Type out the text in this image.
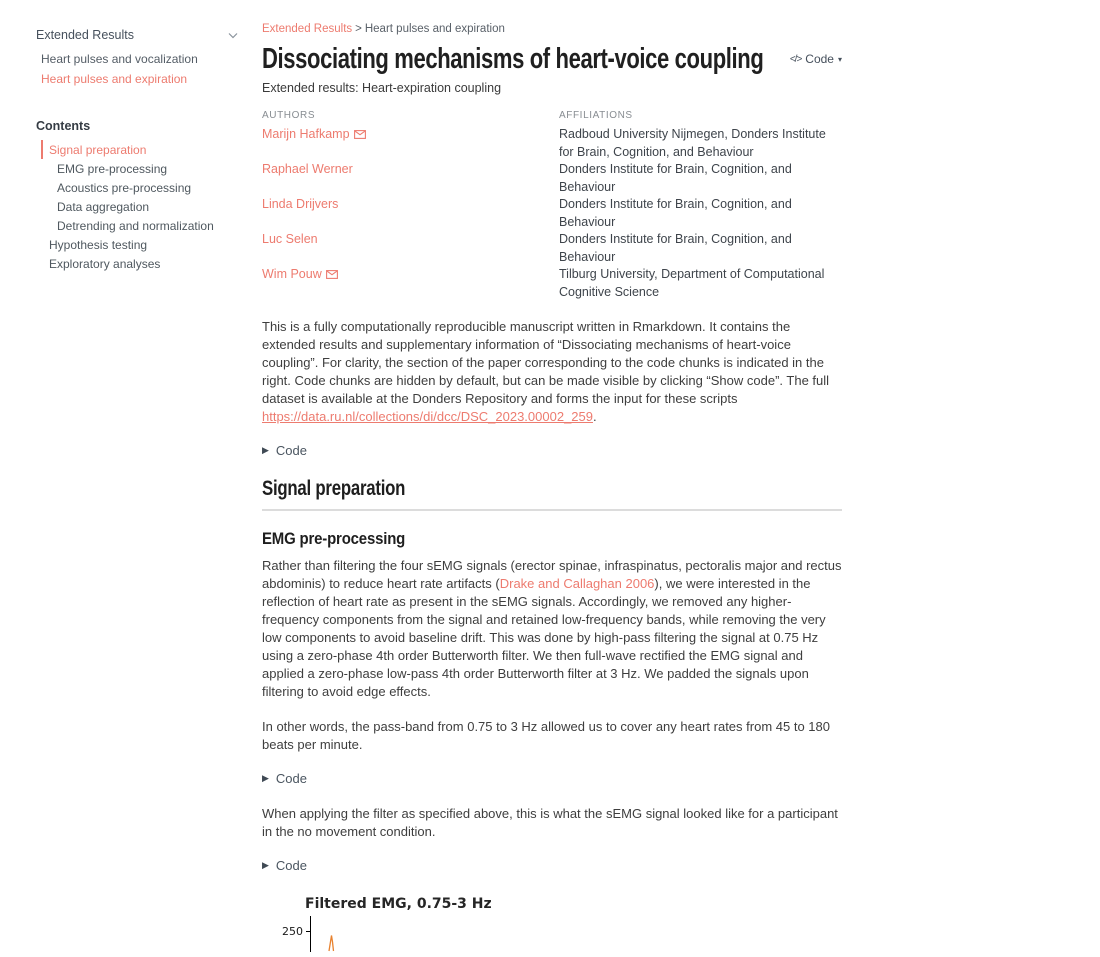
Extended Results
Heart pulses and vocalization
Heart pulses and expiration
Contents
Signal preparation
EMG pre-processing
Acoustics pre-processing
Data aggregation
Detrending and normalization
Hypothesis testing
Exploratory analyses
Extended Results > Heart pulses and expiration
Dissociating mechanisms of heart-voice coupling	</> Code ▾
Extended results: Heart-expiration coupling
AUTHORS	AFFILIATIONS
Marijn Hafkamp	Radboud University Nijmegen, Donders Institute for Brain, Cognition, and Behaviour
Raphael Werner	Donders Institute for Brain, Cognition, and Behaviour
Linda Drijvers	Donders Institute for Brain, Cognition, and Behaviour
Luc Selen	Donders Institute for Brain, Cognition, and Behaviour
Wim Pouw	Tilburg University, Department of Computational Cognitive Science

This is a fully computationally reproducible manuscript written in Rmarkdown. It contains the extended results and supplementary information of “Dissociating mechanisms of heart-voice coupling”. For clarity, the section of the paper corresponding to the code chunks is indicated in the right. Code chunks are hidden by default, but can be made visible by clicking “Show code”. The full dataset is available at the Donders Repository and forms the input for these scripts https://data.ru.nl/collections/di/dcc/DSC_2023.00002_259.

▶ Code
Signal preparation
EMG pre-processing

Rather than filtering the four sEMG signals (erector spinae, infraspinatus, pectoralis major and rectus abdominis) to reduce heart rate artifacts (Drake and Callaghan 2006), we were interested in the reflection of heart rate as present in the sEMG signals. Accordingly, we removed any higher-frequency components from the signal and retained low-frequency bands, while removing the very low components to avoid baseline drift. This was done by high-pass filtering the signal at 0.75 Hz using a zero-phase 4th order Butterworth filter. We then full-wave rectified the EMG signal and applied a zero-phase low-pass 4th order Butterworth filter at 3 Hz. We padded the signals upon filtering to avoid edge effects.

In other words, the pass-band from 0.75 to 3 Hz allowed us to cover any heart rates from 45 to 180 beats per minute.

▶ Code

When applying the filter as specified above, this is what the sEMG signal looked like for a participant in the no movement condition.

▶ Code
Filtered EMG, 0.75-3 Hz
250
